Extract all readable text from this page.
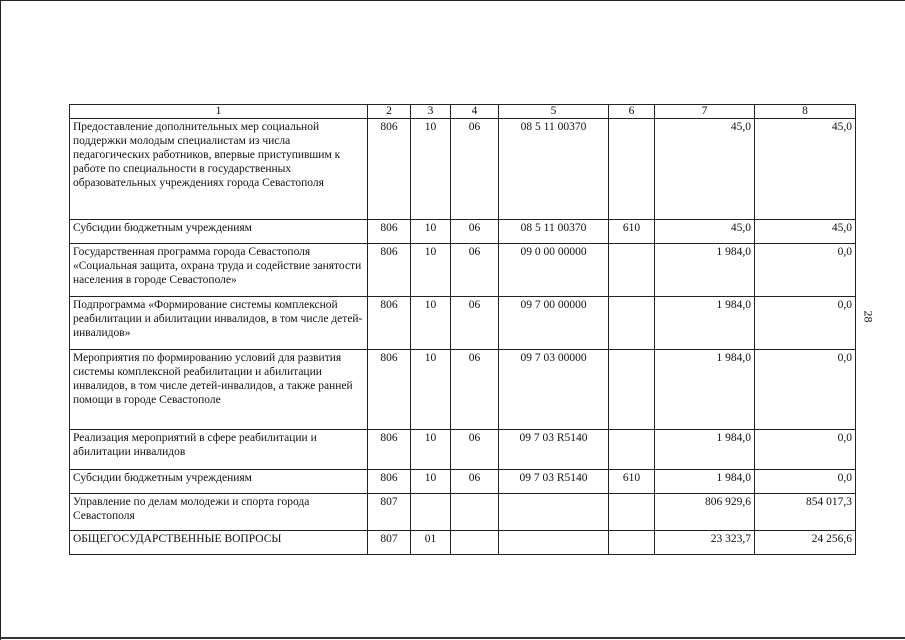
1	2	3	4	5	6	7	8
Предоставление дополнительных мер социальной поддержки молодым специалистам из числа педагогических работников, впервые приступившим к работе по специальности в государственных образовательных учреждениях города Севастополя	806	10	06	08 5 11 00370		45,0	45,0
Субсидии бюджетным учреждениям	806	10	06	08 5 11 00370	610	45,0	45,0
Государственная программа города Севастополя «Социальная защита, охрана труда и содействие занятости населения в городе Севастополе»	806	10	06	09 0 00 00000		1 984,0	0,0
Подпрограмма «Формирование системы комплексной реабилитации и абилитации инвалидов, в том числе детей-инвалидов»	806	10	06	09 7 00 00000		1 984,0	0,0
Мероприятия по формированию условий для развития системы комплексной реабилитации и абилитации инвалидов, в том числе детей-инвалидов, а также ранней помощи в городе Севастополе	806	10	06	09 7 03 00000		1 984,0	0,0
Реализация мероприятий в сфере реабилитации и абилитации инвалидов	806	10	06	09 7 03 R5140		1 984,0	0,0
Субсидии бюджетным учреждениям	806	10	06	09 7 03 R5140	610	1 984,0	0,0
Управление по делам молодежи и спорта города Севастополя	807					806 929,6	854 017,3
ОБЩЕГОСУДАРСТВЕННЫЕ ВОПРОСЫ	807	01				23 323,7	24 256,6
28
